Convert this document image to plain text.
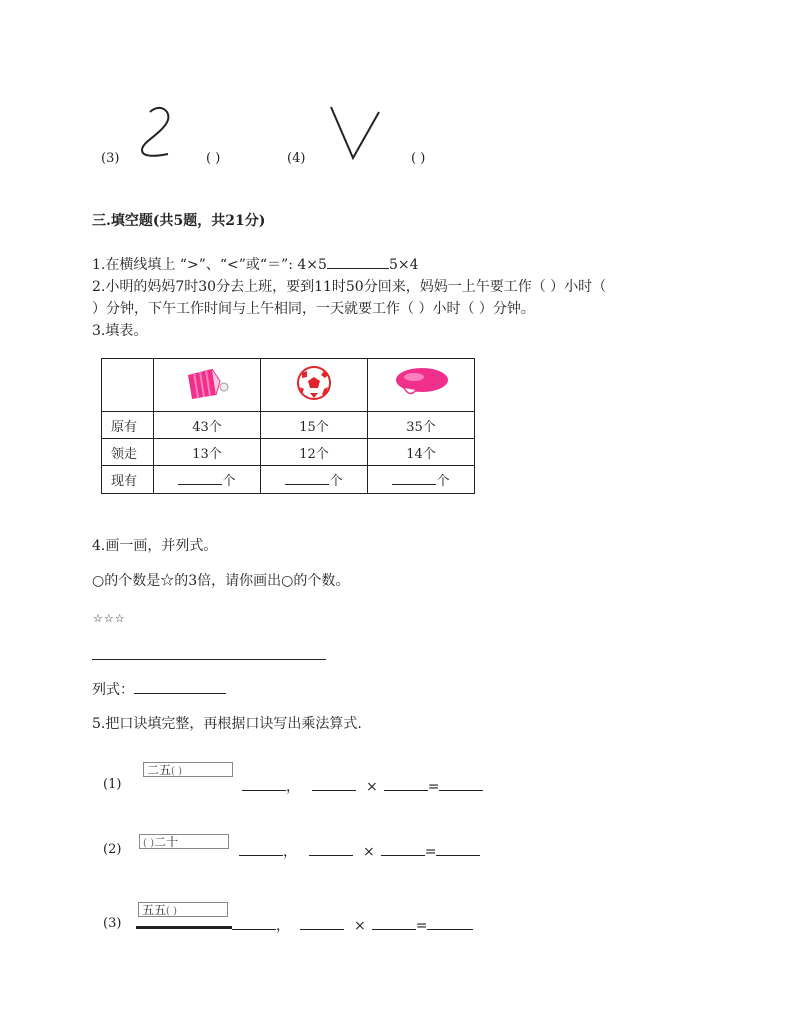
(3)	( )	(4)	( )
三.填空题(共5题，共21分)
1.在横线填上 “>”、“<”或“＝”: 4×5	5×4
2.小明的妈妈7时30分去上班，要到11时50分回来，妈妈一上午要工作（ ）小时（
）分钟，下午工作时间与上午相同，一天就要工作（ ）小时（ ）分钟。
3.填表。

原有	43个	15个	35个
领走	13个	12个	14个
现有	个	个	个
4.画一画，并列式。
○的个数是☆的3倍，请你画出○的个数。
☆☆☆
列式：
5.把口诀填完整，再根据口诀写出乘法算式.
(1)
二五( )
，	×	=
(2)	( )二十
，	×	=
(3)
五五( )
，	×	=
